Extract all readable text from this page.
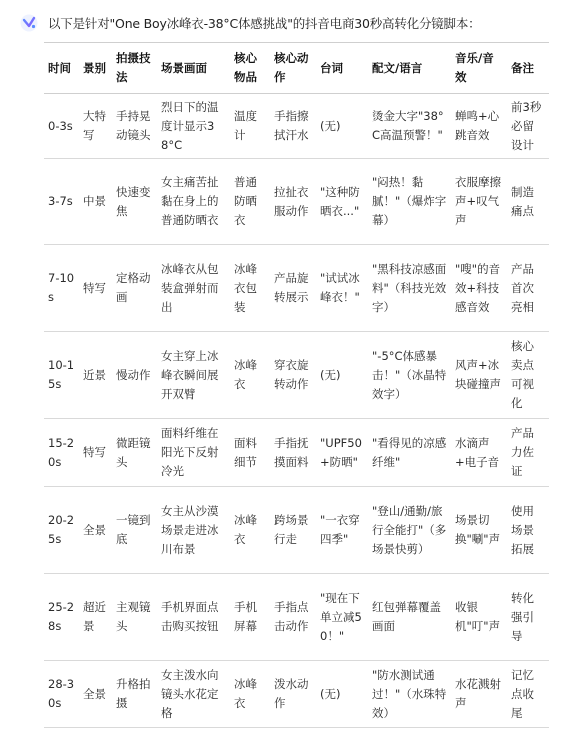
以下是针对"One Boy冰峰衣-38°C体感挑战"的抖音电商30秒高转化分镜脚本：
时间	景别	拍摄技法	场景画面	核心物品	核心动作	台词	配文/语言	音乐/音效	备注
0-3s	大特写	手持晃动镜头	烈日下的温度计显示38°C	温度计	手指擦拭汗水	(无)	烫金大字"38°C高温预警！"	蝉鸣+心跳音效	前3秒必留设计
3-7s	中景	快速变焦	女主痛苦扯黏在身上的普通防晒衣	普通防晒衣	拉扯衣服动作	"这种防晒衣..."	"闷热！黏腻！"（爆炸字幕）	衣服摩擦声+叹气声	制造痛点
7-10s	特写	定格动画	冰峰衣从包装盒弹射而出	冰峰衣包装	产品旋转展示	"试试冰峰衣！"	"黑科技凉感面料"（科技光效字）	"嗖"的音效+科技感音效	产品首次亮相
10-15s	近景	慢动作	女主穿上冰峰衣瞬间展开双臂	冰峰衣	穿衣旋转动作	(无)	"-5°C体感暴击！"（冰晶特效字）	风声+冰块碰撞声	核心卖点可视化
15-20s	特写	微距镜头	面料纤维在阳光下反射冷光	面料细节	手指抚摸面料	"UPF50+防晒"	"看得见的凉感纤维"	水滴声+电子音	产品力佐证
20-25s	全景	一镜到底	女主从沙漠场景走进冰川布景	冰峰衣	跨场景行走	"一衣穿四季"	"登山/通勤/旅行全能打"（多场景快剪）	场景切换"唰"声	使用场景拓展
25-28s	超近景	主观镜头	手机界面点击购买按钮	手机屏幕	手指点击动作	"现在下单立减50！"	红包弹幕覆盖画面	收银机"叮"声	转化强引导
28-30s	全景	升格拍摄	女主泼水向镜头水花定格	冰峰衣	泼水动作	(无)	"防水测试通过！"（水珠特效）	水花溅射声	记忆点收尾
